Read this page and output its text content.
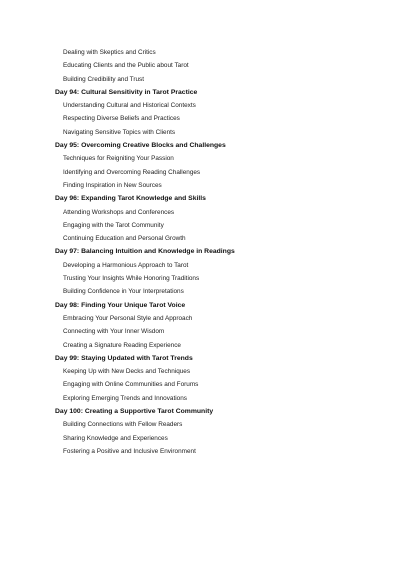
Dealing with Skeptics and Critics
Educating Clients and the Public about Tarot
Building Credibility and Trust
Day 94: Cultural Sensitivity in Tarot Practice
Understanding Cultural and Historical Contexts
Respecting Diverse Beliefs and Practices
Navigating Sensitive Topics with Clients
Day 95: Overcoming Creative Blocks and Challenges
Techniques for Reigniting Your Passion
Identifying and Overcoming Reading Challenges
Finding Inspiration in New Sources
Day 96: Expanding Tarot Knowledge and Skills
Attending Workshops and Conferences
Engaging with the Tarot Community
Continuing Education and Personal Growth
Day 97: Balancing Intuition and Knowledge in Readings
Developing a Harmonious Approach to Tarot
Trusting Your Insights While Honoring Traditions
Building Confidence in Your Interpretations
Day 98: Finding Your Unique Tarot Voice
Embracing Your Personal Style and Approach
Connecting with Your Inner Wisdom
Creating a Signature Reading Experience
Day 99: Staying Updated with Tarot Trends
Keeping Up with New Decks and Techniques
Engaging with Online Communities and Forums
Exploring Emerging Trends and Innovations
Day 100: Creating a Supportive Tarot Community
Building Connections with Fellow Readers
Sharing Knowledge and Experiences
Fostering a Positive and Inclusive Environment
